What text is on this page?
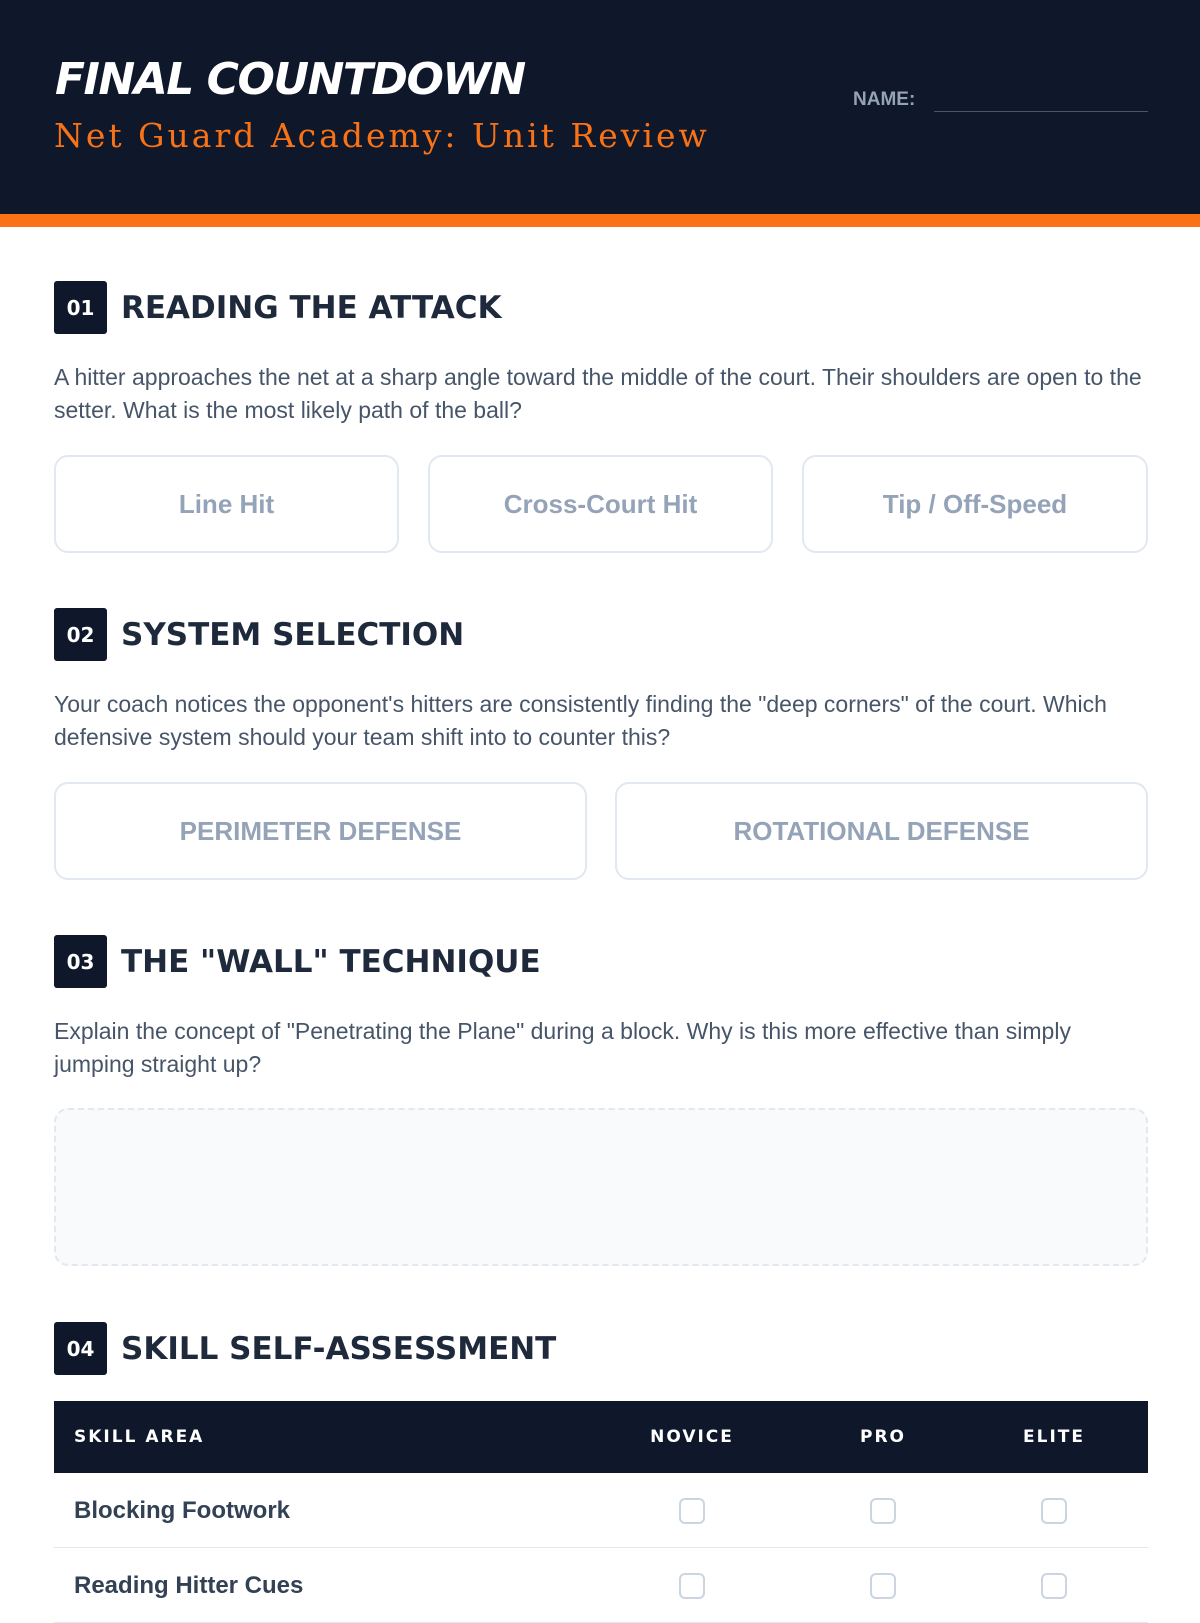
FINAL COUNTDOWN
Net Guard Academy: Unit Review
NAME:
01 READING THE ATTACK
A hitter approaches the net at a sharp angle toward the middle of the court. Their shoulders are open to the setter. What is the most likely path of the ball?
Line Hit	Cross-Court Hit	Tip / Off-Speed
02 SYSTEM SELECTION
Your coach notices the opponent's hitters are consistently finding the "deep corners" of the court. Which defensive system should your team shift into to counter this?
PERIMETER DEFENSE	ROTATIONAL DEFENSE
03 THE "WALL" TECHNIQUE
Explain the concept of "Penetrating the Plane" during a block. Why is this more effective than simply jumping straight up?
04 SKILL SELF-ASSESSMENT
SKILL AREA	NOVICE	PRO	ELITE
Blocking Footwork
Reading Hitter Cues
